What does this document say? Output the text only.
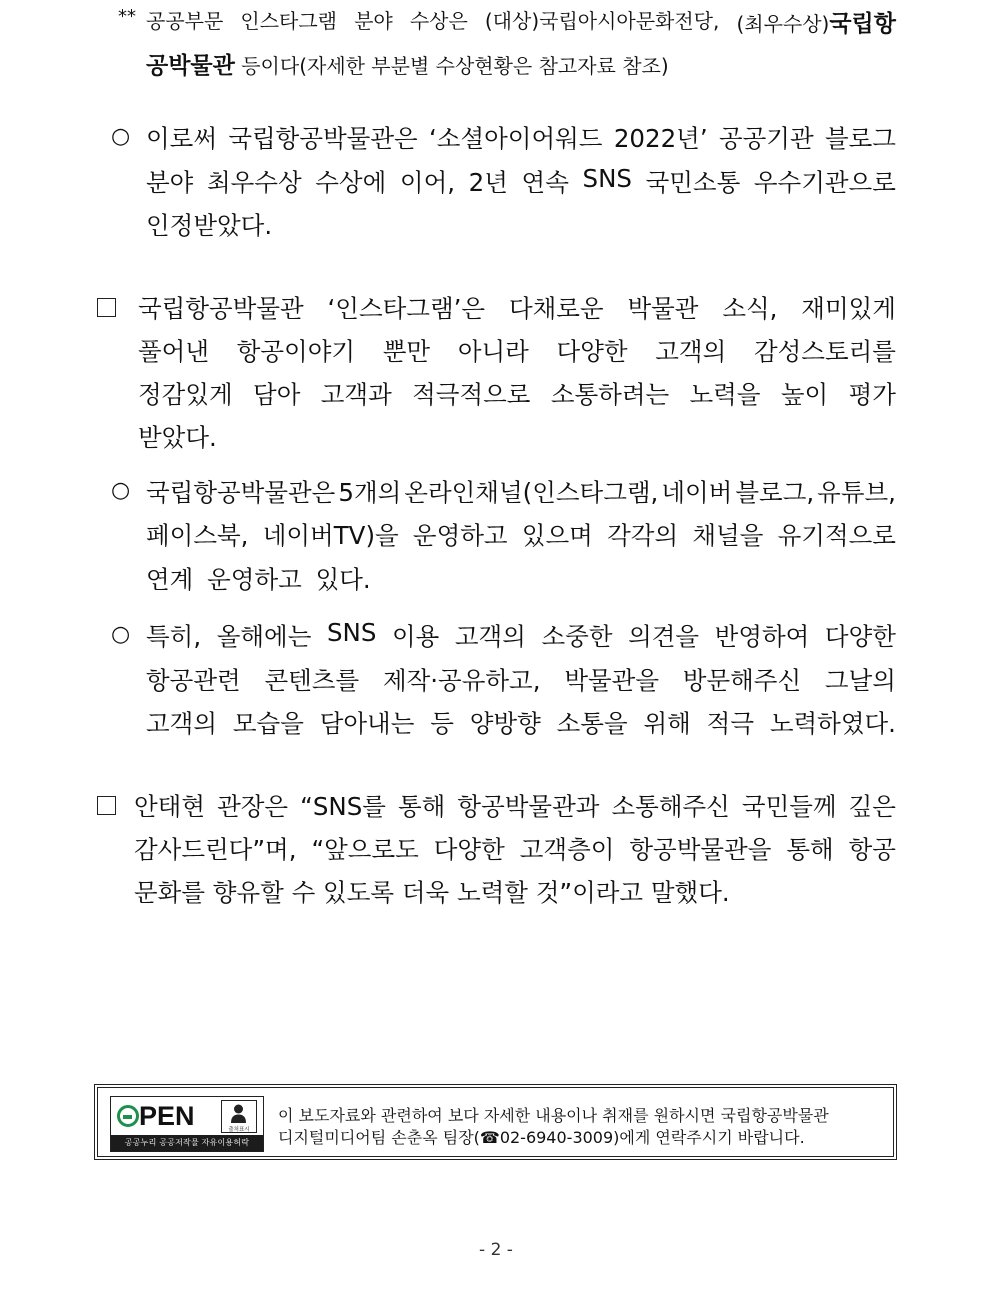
** 공공부문 인스타그램 분야 수상은 (대상)국립아시아문화전당, (최우수상)국립항
공박물관 등이다(자세한 부분별 수상현황은 참고자료 참조)
○ 이로써 국립항공박물관은 ‘소셜아이어워드 2022년’ 공공기관 블로그
분야 최우수상 수상에 이어, 2년 연속 SNS 국민소통 우수기관으로
인정받았다.
국립항공박물관 ‘인스타그램’은 다채로운 박물관 소식, 재미있게
풀어낸 항공이야기 뿐만 아니라 다양한 고객의 감성스토리를
정감있게 담아 고객과 적극적으로 소통하려는 노력을 높이 평가
받았다.
○ 국립항공박물관은 5개의 온라인채널(인스타그램, 네이버 블로그, 유튜브,
페이스북, 네이버TV)을 운영하고 있으며 각각의 채널을 유기적으로
연계 운영하고 있다.
○ 특히, 올해에는 SNS 이용 고객의 소중한 의견을 반영하여 다양한
항공관련 콘텐츠를 제작·공유하고, 박물관을 방문해주신 그날의
고객의 모습을 담아내는 등 양방향 소통을 위해 적극 노력하였다.
안태현 관장은 “SNS를 통해 항공박물관과 소통해주신 국민들께 깊은
감사드린다”며, “앞으로도 다양한 고객층이 항공박물관을 통해 항공
문화를 향유할 수 있도록 더욱 노력할 것”이라고 말했다.
PEN	출처표시
공공누리 공공저작물 자유이용허락
이 보도자료와 관련하여 보다 자세한 내용이나 취재를 원하시면 국립항공박물관
디지털미디어팀 손춘옥 팀장(☎02-6940-3009)에게 연락주시기 바랍니다.
- 2 -
